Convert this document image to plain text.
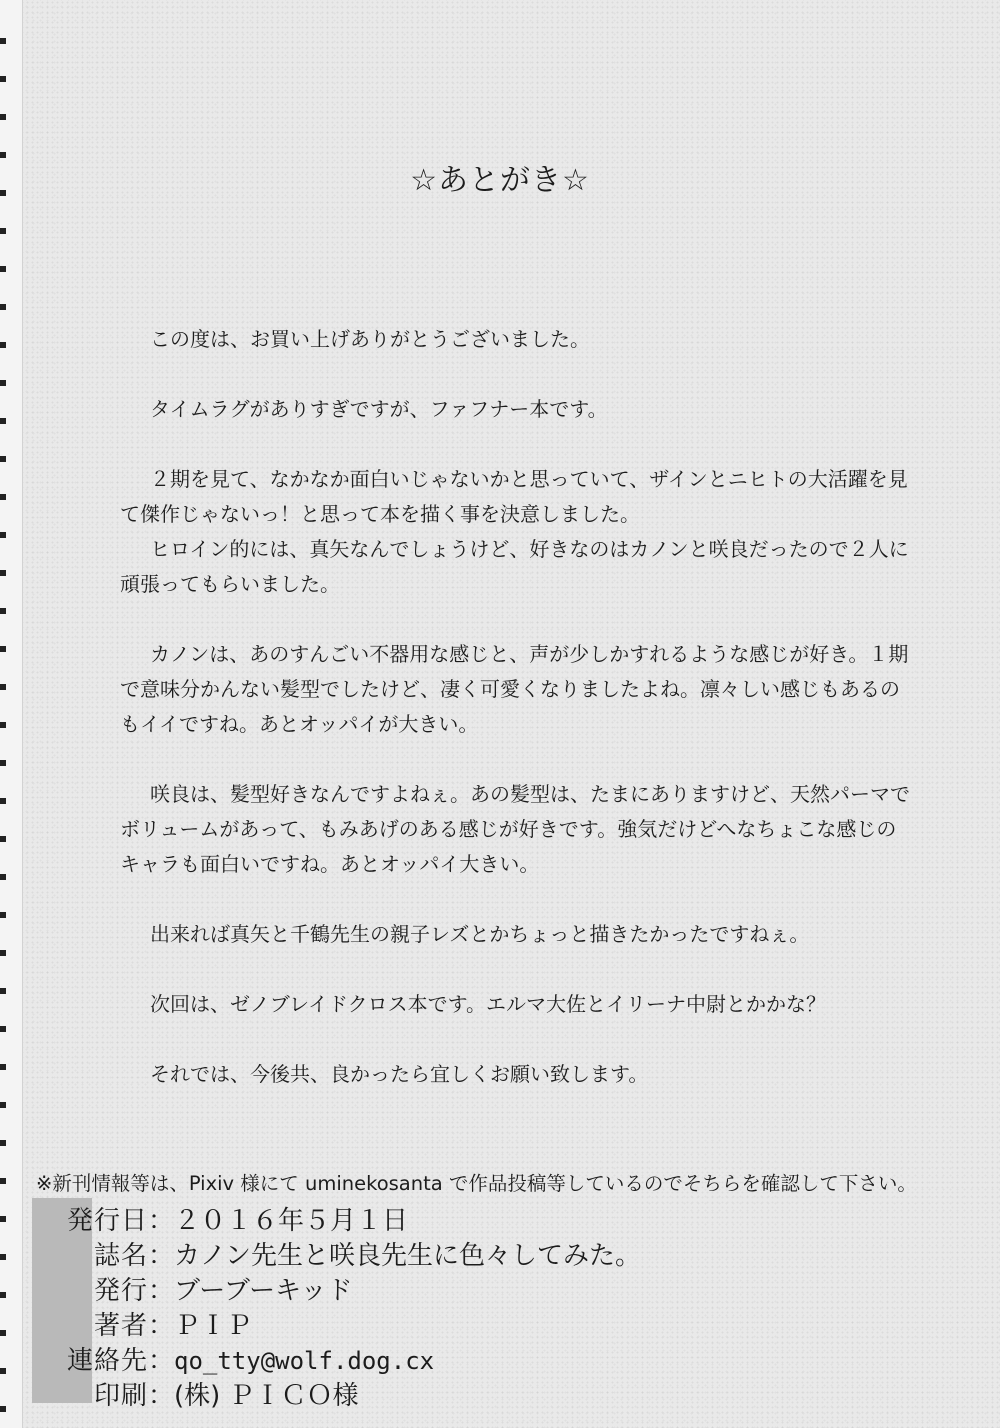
☆あとがき☆

この度は、お買い上げありがとうございました。

タイムラグがありすぎですが、ファフナー本です。

２期を見て、なかなか面白いじゃないかと思っていて、ザインとニヒトの大活躍を見
て傑作じゃないっ！と思って本を描く事を決意しました。

ヒロイン的には、真矢なんでしょうけど、好きなのはカノンと咲良だったので２人に
頑張ってもらいました。

カノンは、あのすんごい不器用な感じと、声が少しかすれるような感じが好き。１期
で意味分かんない髪型でしたけど、凄く可愛くなりましたよね。凛々しい感じもあるの
もイイですね。あとオッパイが大きい。

咲良は、髪型好きなんですよねぇ。あの髪型は、たまにありますけど、天然パーマで
ボリュームがあって、もみあげのある感じが好きです。強気だけどへなちょこな感じの
キャラも面白いですね。あとオッパイ大きい。

出来れば真矢と千鶴先生の親子レズとかちょっと描きたかったですねぇ。

次回は、ゼノブレイドクロス本です。エルマ大佐とイリーナ中尉とかかな？

それでは、今後共、良かったら宜しくお願い致します。

※新刊情報等は、Pixiv 様にて uminekosanta で作品投稿等しているのでそちらを確認して下さい。
発行日：２０１６年５月１日
誌名：カノン先生と咲良先生に色々してみた。
発行：ブーブーキッド
著者：ＰＩＰ
連絡先：qo_tty@wolf.dog.cx
印刷：(株) ＰＩＣＯ様
